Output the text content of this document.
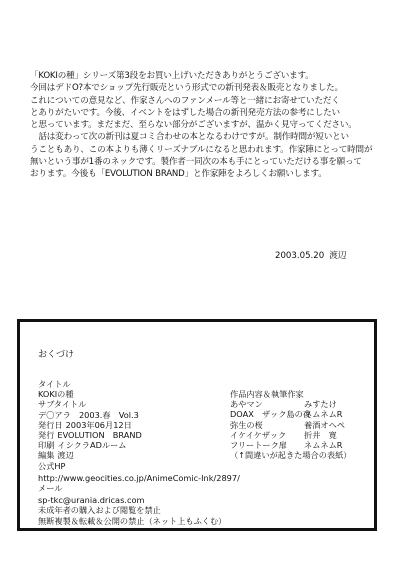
「KOKIの種」シリーズ第3段をお買い上げいただきありがとうございます。
今回はデドO?本でショップ先行販売という形式での新刊発表＆販売となりました。
これについての意見など、作家さんへのファンメール等と一緒にお寄せていただく
とありがたいです。今後、イベントをはずした場合の新刊発売方法の参考にしたい
と思っています。まだまだ、至らない部分がございますが、温かく見守ってください。
　話は変わって次の新刊は夏コミ合わせの本となるわけですが。制作時間が短いとい
うこともあり、この本よりも薄くリーズナブルになると思われます。作家陣にとって時間が
無いという事が1番のネックです。製作者一同次の本も手にとっていただける事を願って
おります。今後も「EVOLUTION BRAND」と作家陣をよろしくお願いします。
2003.05.20 渡辺
おくづけ
タイトル
KOKIの種
サブタイトル
デ〇アラ　2003.春　Vol.3
発行日 2003年06月12日
発行 EVOLUTION　BRAND
印刷 イシクラADルーム
編集 渡辺
公式HP
http://www.geocities.co.jp/AnimeComic-Ink/2897/
メール
sp-tkc@urania.dricas.com
未成年者の購入および閲覧を禁止
無断複製＆転載＆公開の禁止（ネット上もふくむ）
作品内容＆執筆作家
あやマン	みすたけ
DOAX　ザック島の夜ネムネムR
弥生の桜	養酒オヘペ
イケイケザック 折井　寛
フリートーク扉 ネムネムR
（↑間違いが起きた場合の表紙）
